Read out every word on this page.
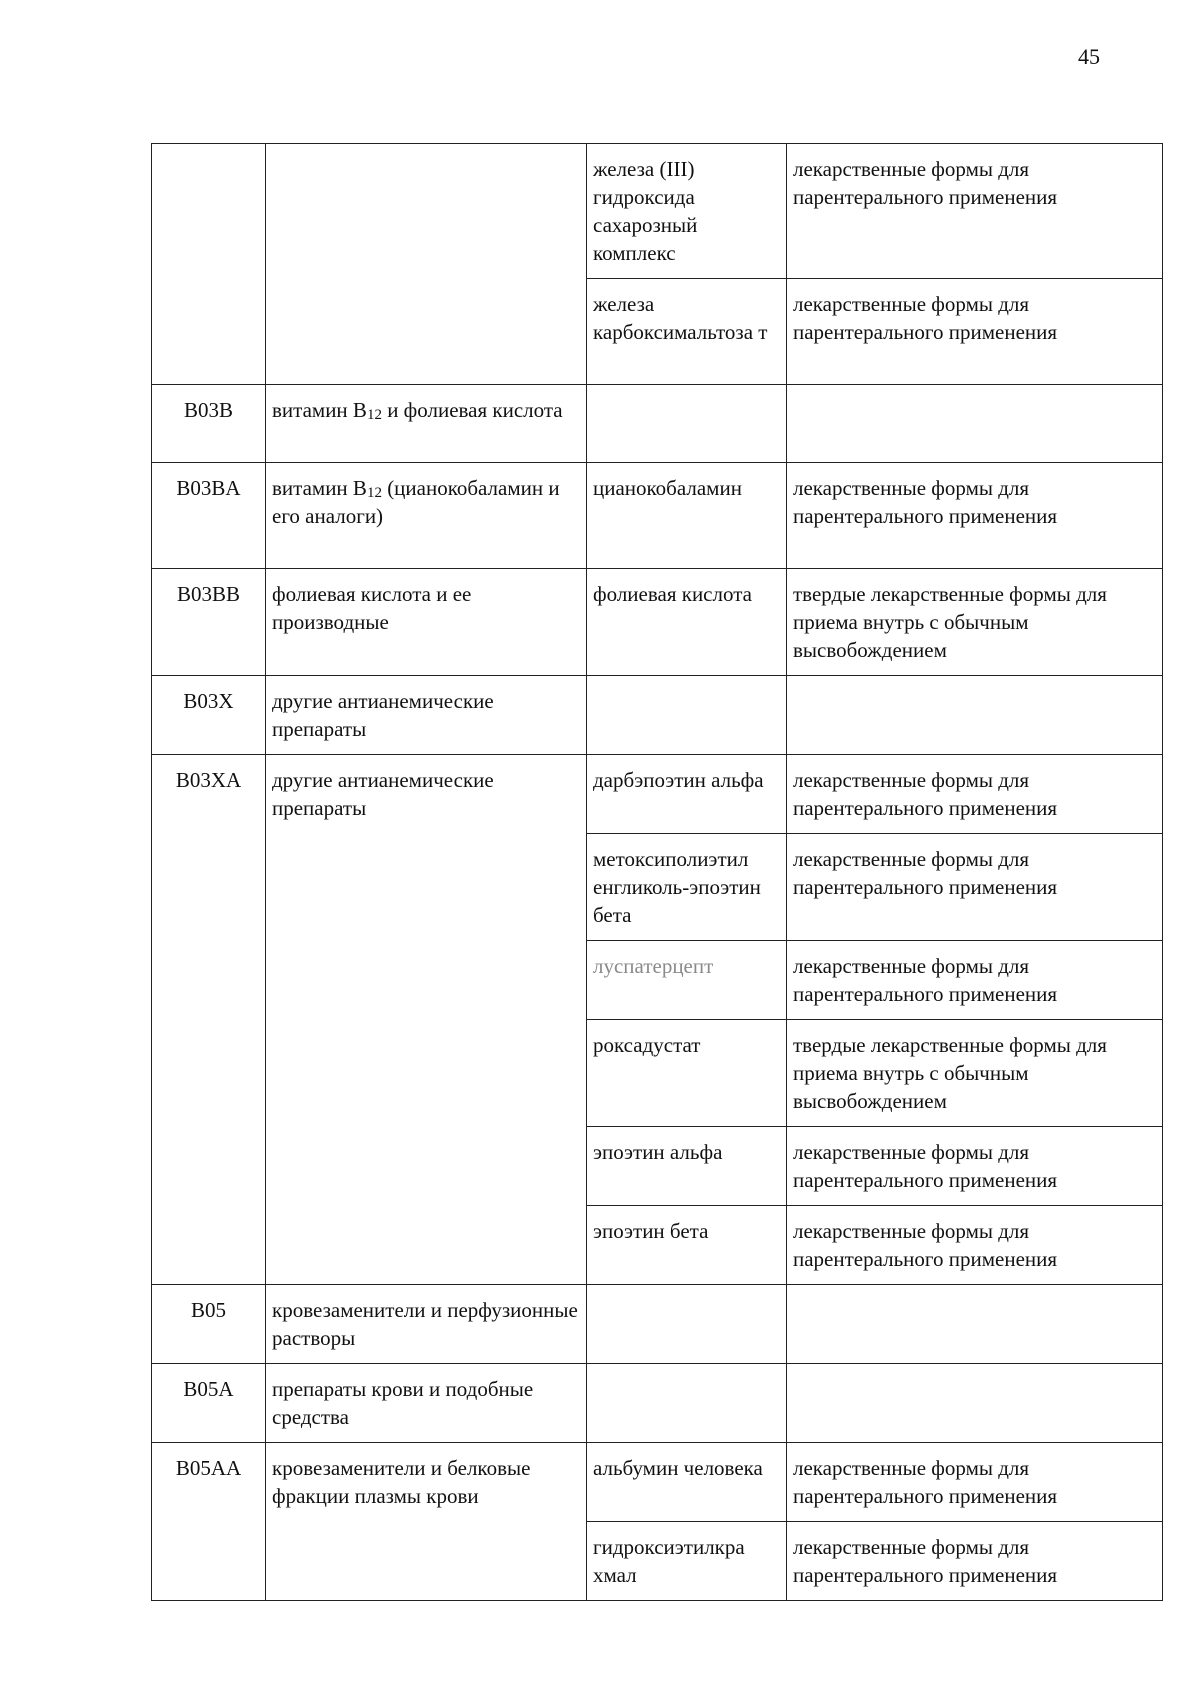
45
		железа (III) гидроксида сахарозный комплекс	лекарственные формы для парентерального применения
		железа карбоксимальтоза т	лекарственные формы для парентерального применения
B03B	витамин $B_{12}$ и фолиевая кислота		
B03BA	витамин $B_{12}$ (цианокобаламин и его аналоги)	цианокобаламин	лекарственные формы для парентерального применения
B03BB	фолиевая кислота и ее производные	фолиевая кислота	твердые лекарственные формы для приема внутрь с обычным высвобождением
B03X	другие антианемические препараты		
B03XA	другие антианемические препараты	дарбэпоэтин альфа	лекарственные формы для парентерального применения
		метоксиполиэтил енгликоль-эпоэтин бета	лекарственные формы для парентерального применения
		луспатерцепт	лекарственные формы для парентерального применения
		роксадустат	твердые лекарственные формы для приема внутрь с обычным высвобождением
		эпоэтин альфа	лекарственные формы для парентерального применения
		эпоэтин бета	лекарственные формы для парентерального применения
B05	кровезаменители и перфузионные растворы		
B05A	препараты крови и подобные средства		
B05AA	кровезаменители и белковые фракции плазмы крови	альбумин человека	лекарственные формы для парентерального применения
		гидроксиэтилкра хмал	лекарственные формы для парентерального применения
